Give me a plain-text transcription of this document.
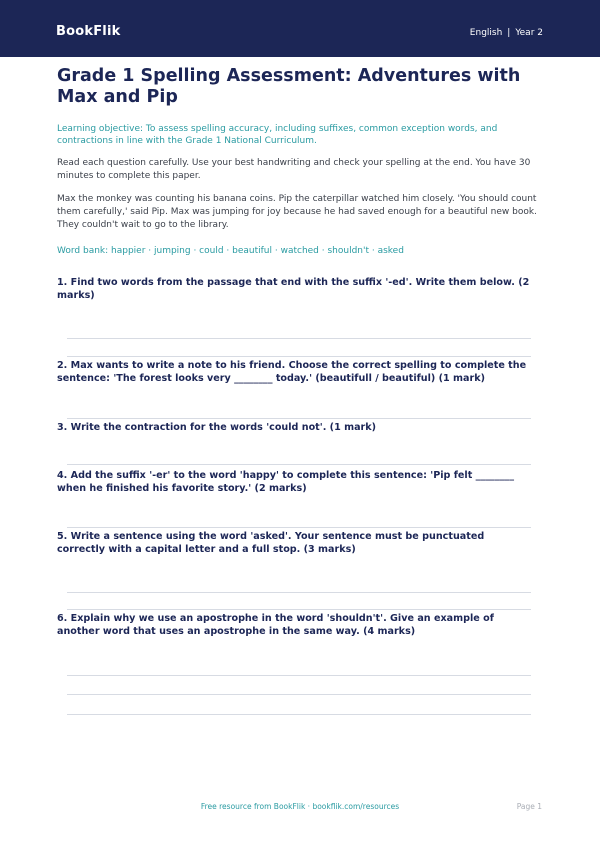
BookFlik	English | Year 2
Grade 1 Spelling Assessment: Adventures with Max and Pip
Learning objective: To assess spelling accuracy, including suffixes, common exception words, and contractions in line with the Grade 1 National Curriculum.
Read each question carefully. Use your best handwriting and check your spelling at the end. You have 30 minutes to complete this paper.
Max the monkey was counting his banana coins. Pip the caterpillar watched him closely. 'You should count them carefully,' said Pip. Max was jumping for joy because he had saved enough for a beautiful new book. They couldn't wait to go to the library.
Word bank: happier · jumping · could · beautiful · watched · shouldn't · asked
1. Find two words from the passage that end with the suffix '-ed'. Write them below. (2 marks)
2. Max wants to write a note to his friend. Choose the correct spelling to complete the sentence: 'The forest looks very ________ today.' (beautifull / beautiful) (1 mark)
3. Write the contraction for the words 'could not'. (1 mark)
4. Add the suffix '-er' to the word 'happy' to complete this sentence: 'Pip felt ________ when he finished his favorite story.' (2 marks)
5. Write a sentence using the word 'asked'. Your sentence must be punctuated correctly with a capital letter and a full stop. (3 marks)
6. Explain why we use an apostrophe in the word 'shouldn't'. Give an example of another word that uses an apostrophe in the same way. (4 marks)
Free resource from BookFlik · bookflik.com/resources	Page 1
